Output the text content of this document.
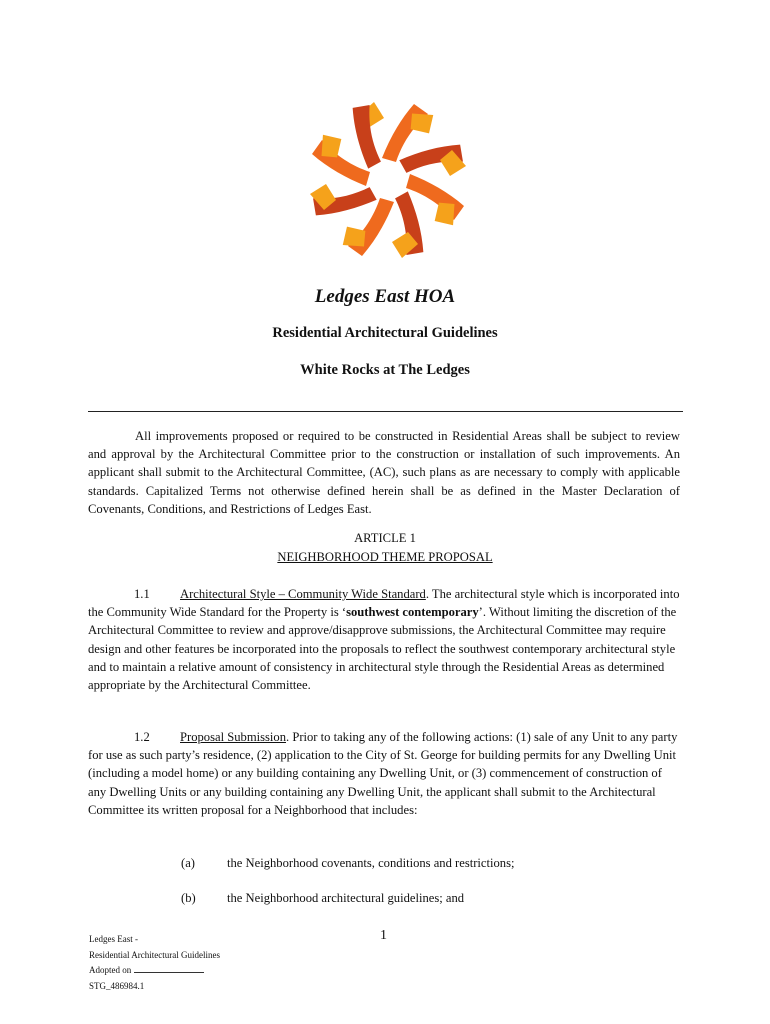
Ledges East HOA
Residential Architectural Guidelines
White Rocks at The Ledges
All improvements proposed or required to be constructed in Residential Areas shall be subject to review and approval by the Architectural Committee prior to the construction or installation of such improvements. An applicant shall submit to the Architectural Committee, (AC), such plans as are necessary to comply with applicable standards. Capitalized Terms not otherwise defined herein shall be as defined in the Master Declaration of Covenants, Conditions, and Restrictions of Ledges East.
ARTICLE 1
NEIGHBORHOOD THEME PROPOSAL
1.1 Architectural Style – Community Wide Standard. The architectural style which is incorporated into the Community Wide Standard for the Property is ‘southwest contemporary’. Without limiting the discretion of the Architectural Committee to review and approve/disapprove submissions, the Architectural Committee may require design and other features be incorporated into the proposals to reflect the southwest contemporary architectural style and to maintain a relative amount of consistency in architectural style through the Residential Areas as determined appropriate by the Architectural Committee.
1.2 Proposal Submission. Prior to taking any of the following actions: (1) sale of any Unit to any party for use as such party’s residence, (2) application to the City of St. George for building permits for any Dwelling Unit (including a model home) or any building containing any Dwelling Unit, or (3) commencement of construction of any Dwelling Units or any building containing any Dwelling Unit, the applicant shall submit to the Architectural Committee its written proposal for a Neighborhood that includes:
(a)	the Neighborhood covenants, conditions and restrictions;
(b) the Neighborhood architectural guidelines; and
1
Ledges East -
Residential Architectural Guidelines
Adopted on
STG_486984.1
